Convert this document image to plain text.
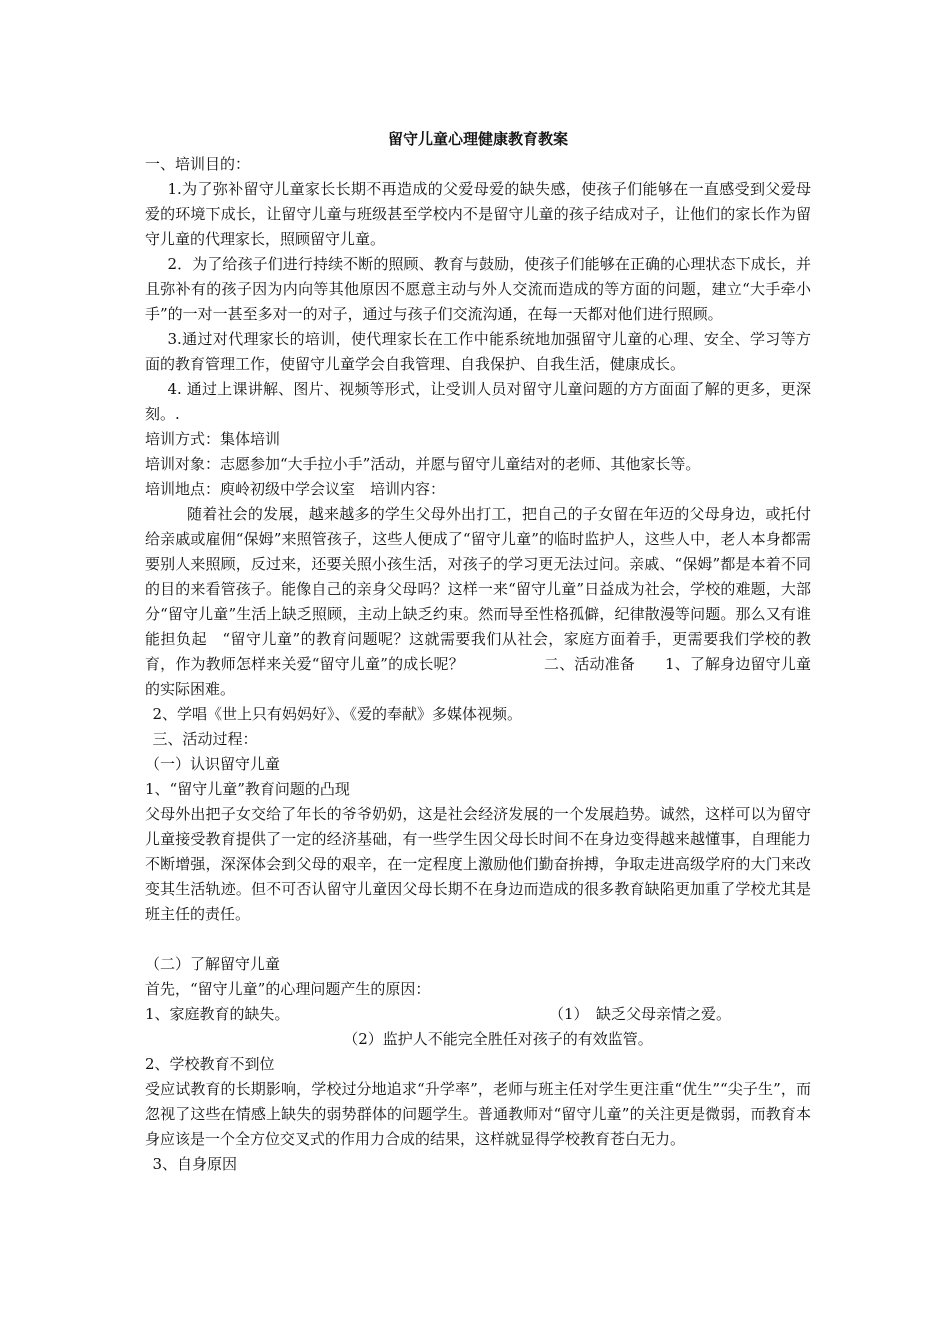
留守儿童心理健康教育教案

一、培训目的：

1.为了弥补留守儿童家长长期不再造成的父爱母爱的缺失感，使孩子们能够在一直感受到父爱母爱的环境下成长，让留守儿童与班级甚至学校内不是留守儿童的孩子结成对子，让他们的家长作为留守儿童的代理家长，照顾留守儿童。

2．为了给孩子们进行持续不断的照顾、教育与鼓励，使孩子们能够在正确的心理状态下成长，并且弥补有的孩子因为内向等其他原因不愿意主动与外人交流而造成的等方面的问题，建立“大手牵小手”的一对一甚至多对一的对子，通过与孩子们交流沟通，在每一天都对他们进行照顾。

3.通过对代理家长的培训，使代理家长在工作中能系统地加强留守儿童的心理、安全、学习等方面的教育管理工作，使留守儿童学会自我管理、自我保护、自我生活，健康成长。

4. 通过上课讲解、图片、视频等形式，让受训人员对留守儿童问题的方方面面了解的更多，更深刻。.

培训方式：集体培训

培训对象：志愿参加“大手拉小手”活动，并愿与留守儿童结对的老师、其他家长等。

培训地点：庾岭初级中学会议室 培训内容：

随着社会的发展，越来越多的学生父母外出打工，把自己的子女留在年迈的父母身边，或托付给亲戚或雇佣“保姆”来照管孩子，这些人便成了“留守儿童”的临时监护人，这些人中，老人本身都需要别人来照顾，反过来，还要关照小孩生活，对孩子的学习更无法过问。亲戚、“保姆”都是本着不同的目的来看管孩子。能像自己的亲身父母吗？这样一来“留守儿童”日益成为社会，学校的难题，大部分“留守儿童”生活上缺乏照顾，主动上缺乏约束。然而导至性格孤僻，纪律散漫等问题。那么又有谁能担负起　“留守儿童”的教育问题呢？这就需要我们从社会，家庭方面着手，更需要我们学校的教育，作为教师怎样来关爱“留守儿童”的成长呢？	二、活动准备 1、了解身边留守儿童的实际困难。

2、学唱《世上只有妈妈好》、《爱的奉献》多媒体视频。

三、活动过程：

（一）认识留守儿童

1、“留守儿童”教育问题的凸现

父母外出把子女交给了年长的爷爷奶奶，这是社会经济发展的一个发展趋势。诚然，这样可以为留守儿童接受教育提供了一定的经济基础，有一些学生因父母长时间不在身边变得越来越懂事，自理能力不断增强，深深体会到父母的艰辛，在一定程度上激励他们勤奋拚搏，争取走进高级学府的大门来改变其生活轨迹。但不可否认留守儿童因父母长期不在身边而造成的很多教育缺陷更加重了学校尤其是班主任的责任。

（二）了解留守儿童

首先，“留守儿童”的心理问题产生的原因：

1、家庭教育的缺失。	（1）　缺乏父母亲情之爱。

（2）监护人不能完全胜任对孩子的有效监管。

2、学校教育不到位

受应试教育的长期影响，学校过分地追求“升学率”，老师与班主任对学生更注重“优生”“尖子生”，而忽视了这些在情感上缺失的弱势群体的问题学生。普通教师对“留守儿童”的关注更是微弱，而教育本身应该是一个全方位交叉式的作用力合成的结果，这样就显得学校教育苍白无力。

3、自身原因
